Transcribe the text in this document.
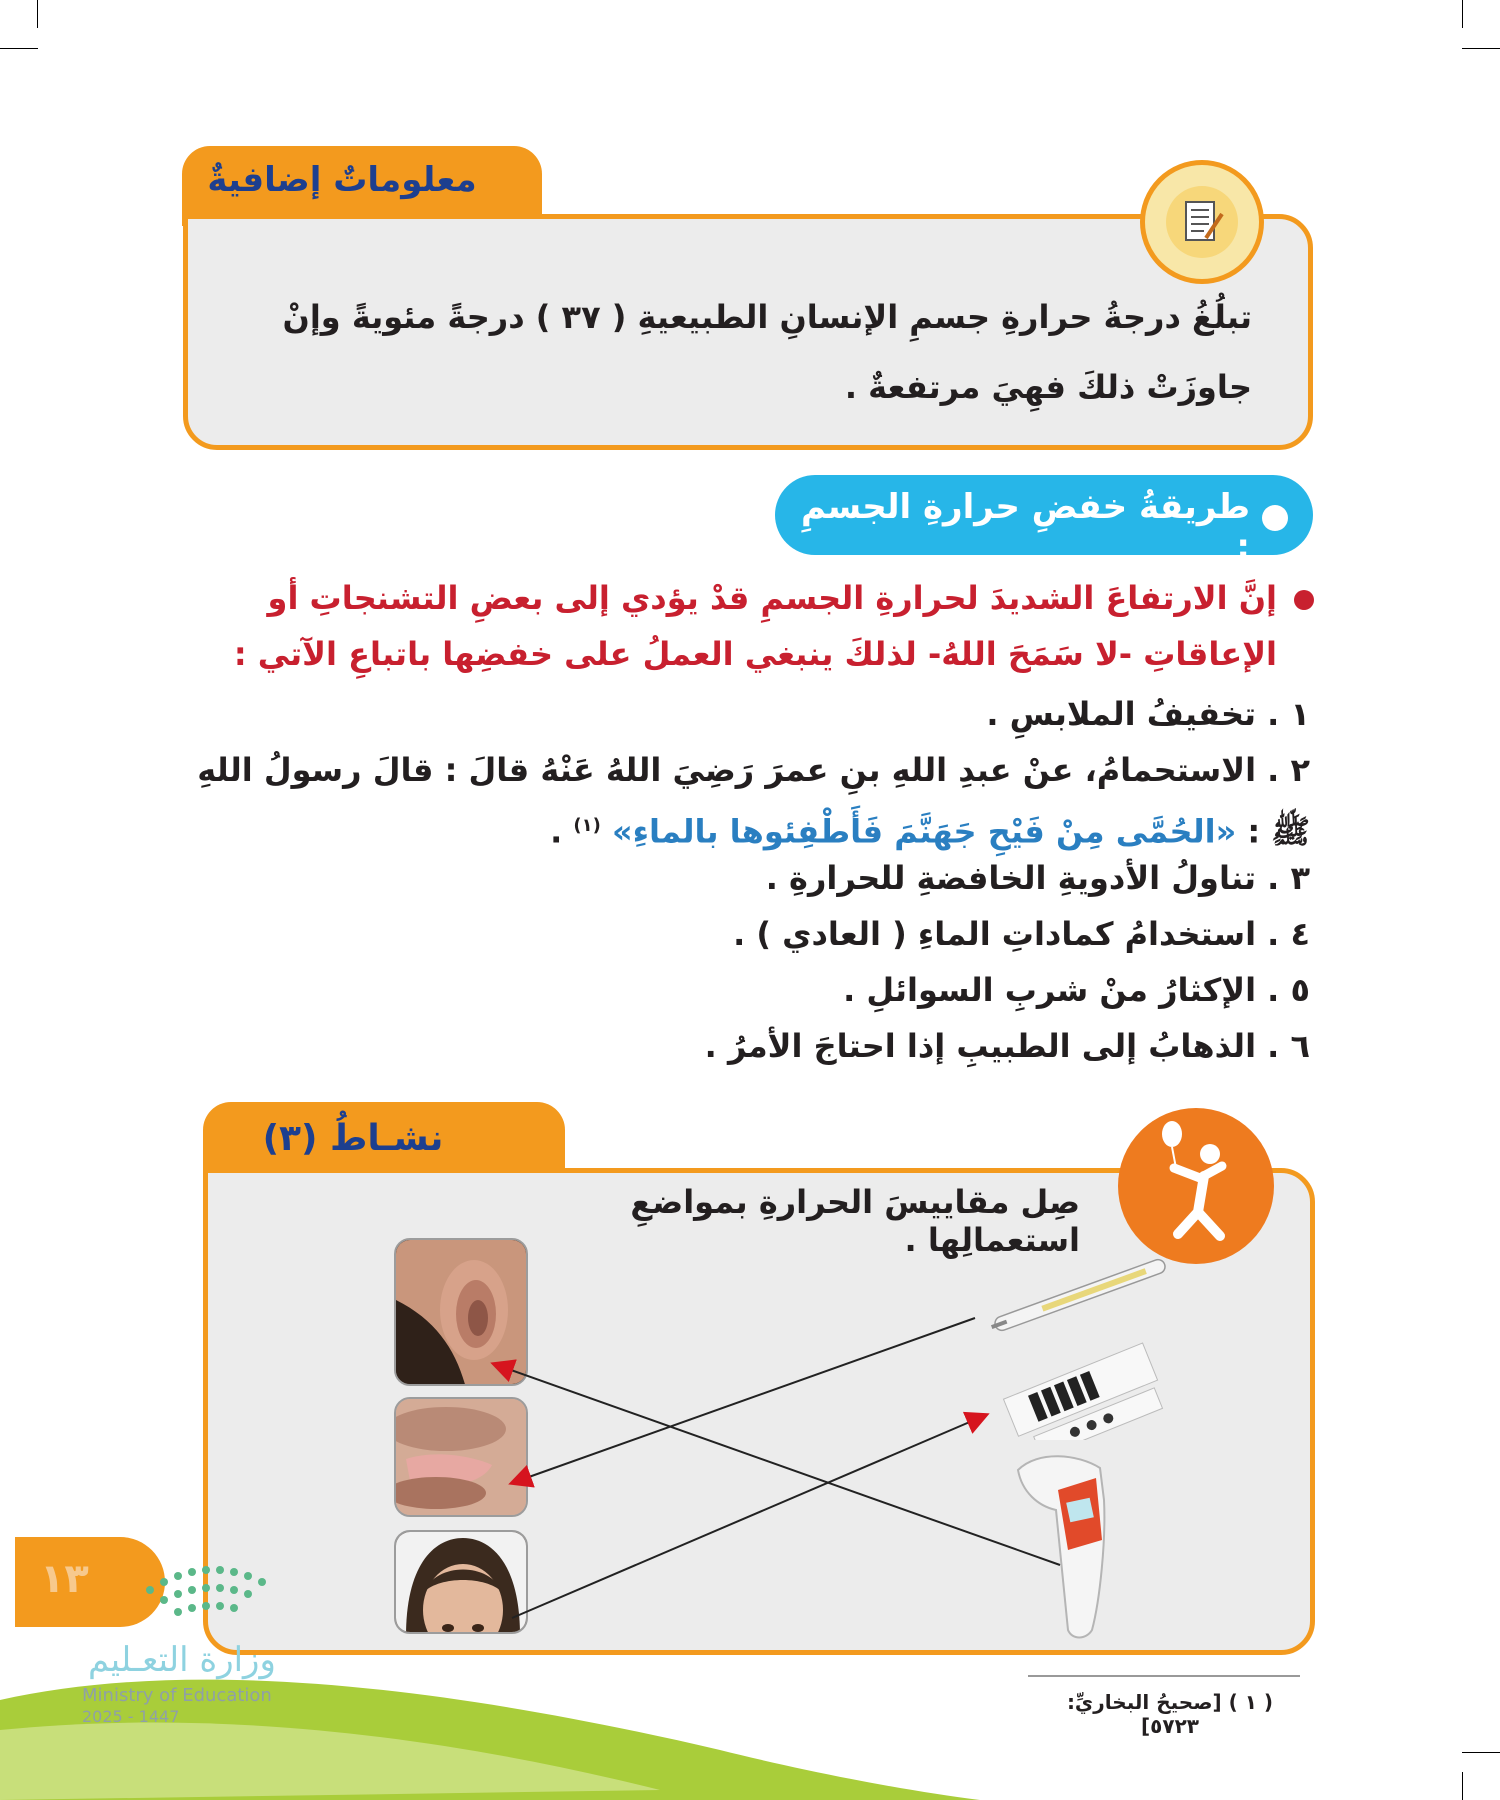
معلوماتٌ إضافيةٌ
تبلُغُ درجةُ حرارةِ جسمِ الإنسانِ الطبيعيةِ ( ٣٧ ) درجةً مئويةً وإنْ جاوزَتْ ذلكَ فهِيَ مرتفعةٌ .
طريقةُ خفضِ حرارةِ الجسمِ :
إنَّ الارتفاعَ الشديدَ لحرارةِ الجسمِ قدْ يؤدي إلى بعضِ التشنجاتِ أو الإعاقاتِ -لا سَمَحَ اللهُ- لذلكَ ينبغي العملُ على خفضِها باتباعِ الآتي :
١ . تخفيفُ الملابسِ .
٢ . الاستحمامُ، عنْ عبدِ اللهِ بنِ عمرَ رَضِيَ اللهُ عَنْهُ قالَ : قالَ رسولُ اللهِ ﷺ : «الحُمَّى مِنْ فَيْحِ جَهَنَّمَ فَأَطْفِئوها بالماءِ» $^{(١)}$ .
٣ . تناولُ الأدويةِ الخافضةِ للحرارةِ .
٤ . استخدامُ كماداتِ الماءِ ( العادي ) .
٥ . الإكثارُ منْ شربِ السوائلِ .
٦ . الذهابُ إلى الطبيبِ إذا احتاجَ الأمرُ .
نشـاطُ (٣)
صِل مقاييسَ الحرارةِ بمواضعِ استعمالِها .
١٣
وزارة التعـليم
Ministry of Education
2025 - 1447
( ١ ) [صحيحُ البخاريِّ: ٥٧٢٣]
